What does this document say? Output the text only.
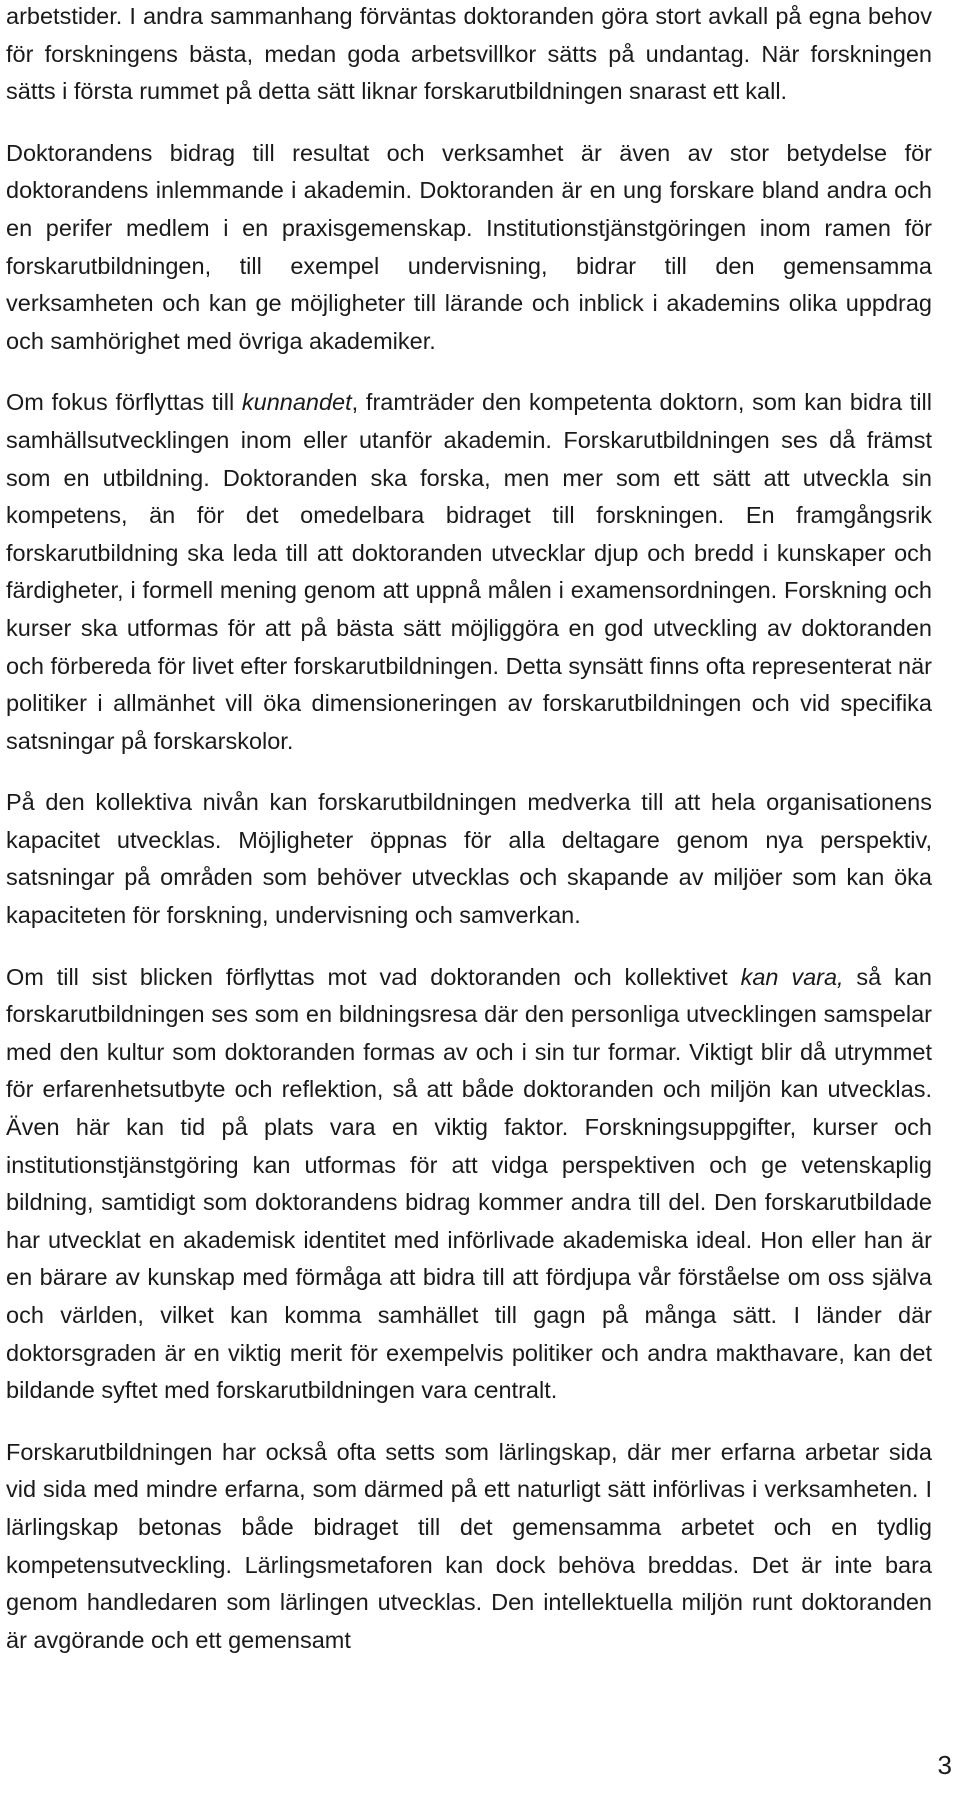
arbetstider. I andra sammanhang förväntas doktoranden göra stort avkall på egna behov för forskningens bästa, medan goda arbetsvillkor sätts på undantag. När forskningen sätts i första rummet på detta sätt liknar forskarutbildningen snarast ett kall.

Doktorandens bidrag till resultat och verksamhet är även av stor betydelse för doktorandens inlemmande i akademin. Doktoranden är en ung forskare bland andra och en perifer medlem i en praxisgemenskap. Institutionstjänstgöringen inom ramen för forskarutbildningen, till exempel undervisning, bidrar till den gemensamma verksamheten och kan ge möjligheter till lärande och inblick i akademins olika uppdrag och samhörighet med övriga akademiker.

Om fokus förflyttas till kunnandet, framträder den kompetenta doktorn, som kan bidra till samhällsutvecklingen inom eller utanför akademin. Forskarutbildningen ses då främst som en utbildning. Doktoranden ska forska, men mer som ett sätt att utveckla sin kompetens, än för det omedelbara bidraget till forskningen. En framgångsrik forskarutbildning ska leda till att doktoranden utvecklar djup och bredd i kunskaper och färdigheter, i formell mening genom att uppnå målen i examensordningen. Forskning och kurser ska utformas för att på bästa sätt möjliggöra en god utveckling av doktoranden och förbereda för livet efter forskarutbildningen. Detta synsätt finns ofta representerat när politiker i allmänhet vill öka dimensioneringen av forskarutbildningen och vid specifika satsningar på forskarskolor.

På den kollektiva nivån kan forskarutbildningen medverka till att hela organisationens kapacitet utvecklas. Möjligheter öppnas för alla deltagare genom nya perspektiv, satsningar på områden som behöver utvecklas och skapande av miljöer som kan öka kapaciteten för forskning, undervisning och samverkan.

Om till sist blicken förflyttas mot vad doktoranden och kollektivet kan vara, så kan forskarutbildningen ses som en bildningsresa där den personliga utvecklingen samspelar med den kultur som doktoranden formas av och i sin tur formar. Viktigt blir då utrymmet för erfarenhetsutbyte och reflektion, så att både doktoranden och miljön kan utvecklas. Även här kan tid på plats vara en viktig faktor. Forskningsuppgifter, kurser och institutionstjänstgöring kan utformas för att vidga perspektiven och ge vetenskaplig bildning, samtidigt som doktorandens bidrag kommer andra till del. Den forskarutbildade har utvecklat en akademisk identitet med införlivade akademiska ideal. Hon eller han är en bärare av kunskap med förmåga att bidra till att fördjupa vår förståelse om oss själva och världen, vilket kan komma samhället till gagn på många sätt. I länder där doktorsgraden är en viktig merit för exempelvis politiker och andra makthavare, kan det bildande syftet med forskarutbildningen vara centralt.

Forskarutbildningen har också ofta setts som lärlingskap, där mer erfarna arbetar sida vid sida med mindre erfarna, som därmed på ett naturligt sätt införlivas i verksamheten. I lärlingskap betonas både bidraget till det gemensamma arbetet och en tydlig kompetensutveckling. Lärlingsmetaforen kan dock behöva breddas. Det är inte bara genom handledaren som lärlingen utvecklas. Den intellektuella miljön runt doktoranden är avgörande och ett gemensamt

3
